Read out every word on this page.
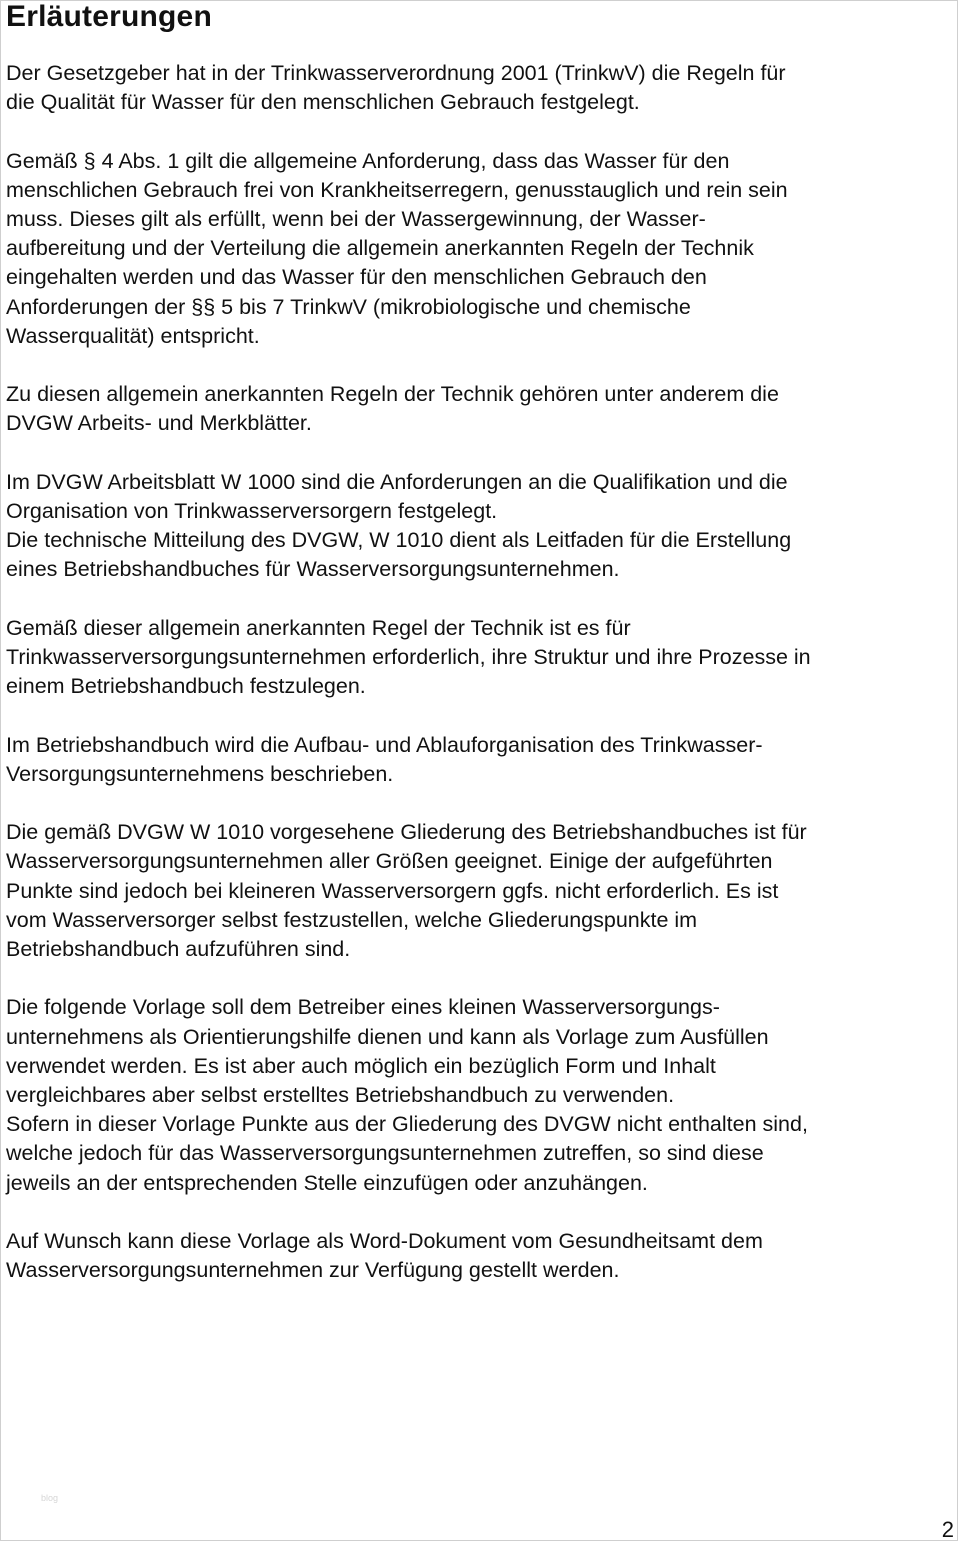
Erläuterungen

Der Gesetzgeber hat in der Trinkwasserverordnung 2001 (TrinkwV) die Regeln für
die Qualität für Wasser für den menschlichen Gebrauch festgelegt.

Gemäß § 4 Abs. 1 gilt die allgemeine Anforderung, dass das Wasser für den
menschlichen Gebrauch frei von Krankheitserregern, genusstauglich und rein sein
muss. Dieses gilt als erfüllt, wenn bei der Wassergewinnung, der Wasser-
aufbereitung und der Verteilung die allgemein anerkannten Regeln der Technik
eingehalten werden und das Wasser für den menschlichen Gebrauch den
Anforderungen der §§ 5 bis 7 TrinkwV (mikrobiologische und chemische
Wasserqualität) entspricht.

Zu diesen allgemein anerkannten Regeln der Technik gehören unter anderem die
DVGW Arbeits- und Merkblätter.

Im DVGW Arbeitsblatt W 1000 sind die Anforderungen an die Qualifikation und die
Organisation von Trinkwasserversorgern festgelegt.
Die technische Mitteilung des DVGW, W 1010 dient als Leitfaden für die Erstellung
eines Betriebshandbuches für Wasserversorgungsunternehmen.

Gemäß dieser allgemein anerkannten Regel der Technik ist es für
Trinkwasserversorgungsunternehmen erforderlich, ihre Struktur und ihre Prozesse in
einem Betriebshandbuch festzulegen.

Im Betriebshandbuch wird die Aufbau- und Ablauforganisation des Trinkwasser-
Versorgungsunternehmens beschrieben.

Die gemäß DVGW W 1010 vorgesehene Gliederung des Betriebshandbuches ist für
Wasserversorgungsunternehmen aller Größen geeignet. Einige der aufgeführten
Punkte sind jedoch bei kleineren Wasserversorgern ggfs. nicht erforderlich. Es ist
vom Wasserversorger selbst festzustellen, welche Gliederungspunkte im
Betriebshandbuch aufzuführen sind.

Die folgende Vorlage soll dem Betreiber eines kleinen Wasserversorgungs-
unternehmens als Orientierungshilfe dienen und kann als Vorlage zum Ausfüllen
verwendet werden. Es ist aber auch möglich ein bezüglich Form und Inhalt
vergleichbares aber selbst erstelltes Betriebshandbuch zu verwenden.
Sofern in dieser Vorlage Punkte aus der Gliederung des DVGW nicht enthalten sind,
welche jedoch für das Wasserversorgungsunternehmen zutreffen, so sind diese
jeweils an der entsprechenden Stelle einzufügen oder anzuhängen.

Auf Wunsch kann diese Vorlage als Word-Dokument vom Gesundheitsamt dem
Wasserversorgungsunternehmen zur Verfügung gestellt werden.

blog
2
